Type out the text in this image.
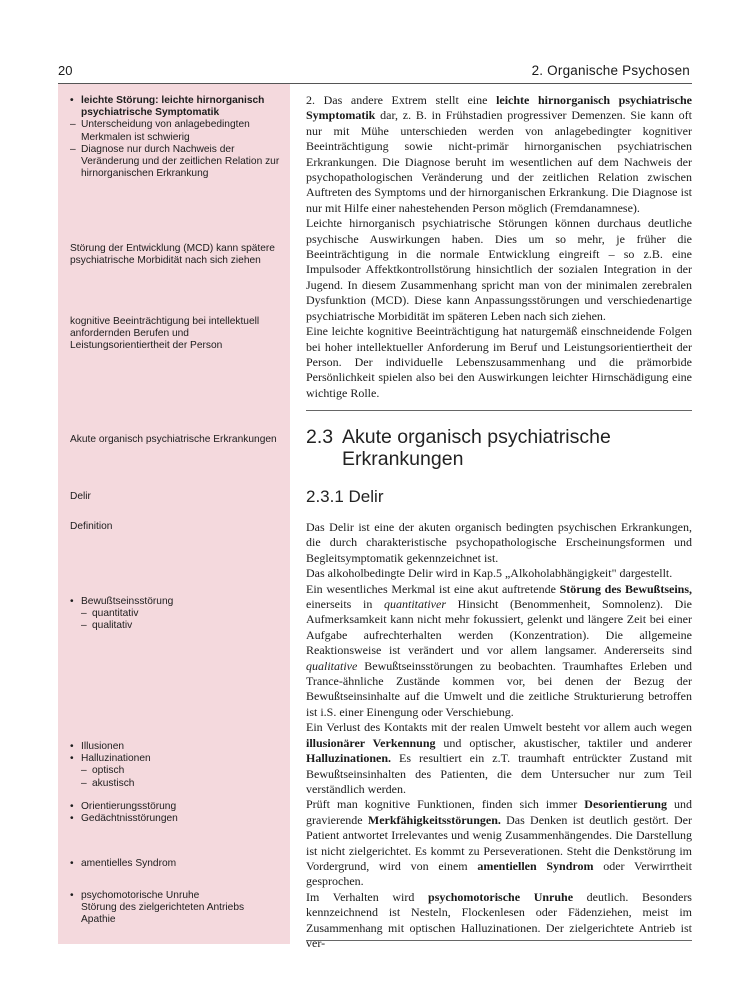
20	2. Organische Psychosen
• leichte Störung: leichte hirnorganisch psychiatrische Symptomatik
– Unterscheidung von anlagebedingten Merkmalen ist schwierig
– Diagnose nur durch Nachweis der Veränderung und der zeitlichen Relation zur hirnorganischen Erkrankung
Störung der Entwicklung (MCD) kann spätere psychiatrische Morbidität nach sich ziehen
kognitive Beeinträchtigung bei intellektuell anfordernden Berufen und Leistungsorientiertheit der Person
Akute organisch psychiatrische Erkrankungen
Delir
Definition
• Bewußtseinsstörung
– quantitativ
– qualitativ
• Illusionen
• Halluzinationen
– optisch
– akustisch
• Orientierungsstörung
• Gedächtnisstörungen
• amentielles Syndrom
• psychomotorische Unruhe
Störung des zielgerichteten Antriebs
Apathie

2. Das andere Extrem stellt eine leichte hirnorganisch psychiatrische Symptomatik dar, z. B. in Frühstadien progressiver Demenzen. Sie kann oft nur mit Mühe unterschieden werden von anlagebedingter kognitiver Beeinträchtigung sowie nicht-primär hirnorganischen psychiatrischen Erkrankungen. Die Diagnose beruht im wesentlichen auf dem Nachweis der psychopathologischen Veränderung und der zeitlichen Relation zwischen Auftreten des Symptoms und der hirnorganischen Erkrankung. Die Diagnose ist nur mit Hilfe einer nahestehenden Person möglich (Fremdanamnese).

Leichte hirnorganisch psychiatrische Störungen können durchaus deutliche psychische Auswirkungen haben. Dies um so mehr, je früher die Beeinträchtigung in die normale Entwicklung eingreift – so z.B. eine Impulsoder Affektkontrollstörung hinsichtlich der sozialen Integration in der Jugend. In diesem Zusammenhang spricht man von der minimalen zerebralen Dysfunktion (MCD). Diese kann Anpassungsstörungen und verschiedenartige psychiatrische Morbidität im späteren Leben nach sich ziehen.

Eine leichte kognitive Beeinträchtigung hat naturgemäß einschneidende Folgen bei hoher intellektueller Anforderung im Beruf und Leistungsorientiertheit der Person. Der individuelle Lebenszusammenhang und die prämorbide Persönlichkeit spielen also bei den Auswirkungen leichter Hirnschädigung eine wichtige Rolle.

2.3 Akute organisch psychiatrische
Erkrankungen
2.3.1 Delir

Das Delir ist eine der akuten organisch bedingten psychischen Erkrankungen, die durch charakteristische psychopathologische Erscheinungsformen und Begleitsymptomatik gekennzeichnet ist.

Das alkoholbedingte Delir wird in Kap.5 „Alkoholabhängigkeit" dargestellt.

Ein wesentliches Merkmal ist eine akut auftretende Störung des Bewußtseins, einerseits in quantitativer Hinsicht (Benommenheit, Somnolenz). Die Aufmerksamkeit kann nicht mehr fokussiert, gelenkt und längere Zeit bei einer Aufgabe aufrechterhalten werden (Konzentration). Die allgemeine Reaktionsweise ist verändert und vor allem langsamer. Andererseits sind qualitative Bewußtseinsstörungen zu beobachten. Traumhaftes Erleben und Trance-ähnliche Zustände kommen vor, bei denen der Bezug der Bewußtseinsinhalte auf die Umwelt und die zeitliche Strukturierung betroffen ist i.S. einer Einengung oder Verschiebung.

Ein Verlust des Kontakts mit der realen Umwelt besteht vor allem auch wegen illusionärer Verkennung und optischer, akustischer, taktiler und anderer Halluzinationen. Es resultiert ein z.T. traumhaft entrückter Zustand mit Bewußtseinsinhalten des Patienten, die dem Untersucher nur zum Teil verständlich werden.

Prüft man kognitive Funktionen, finden sich immer Desorientierung und gravierende Merkfähigkeitsstörungen. Das Denken ist deutlich gestört. Der Patient antwortet Irrelevantes und wenig Zusammenhängendes. Die Darstellung ist nicht zielgerichtet. Es kommt zu Perseverationen. Steht die Denkstörung im Vordergrund, wird von einem amentiellen Syndrom oder Verwirrtheit gesprochen.

Im Verhalten wird psychomotorische Unruhe deutlich. Besonders kennzeichnend ist Nesteln, Flockenlesen oder Fädenziehen, meist im Zusammenhang mit optischen Halluzinationen. Der zielgerichtete Antrieb ist ver-
